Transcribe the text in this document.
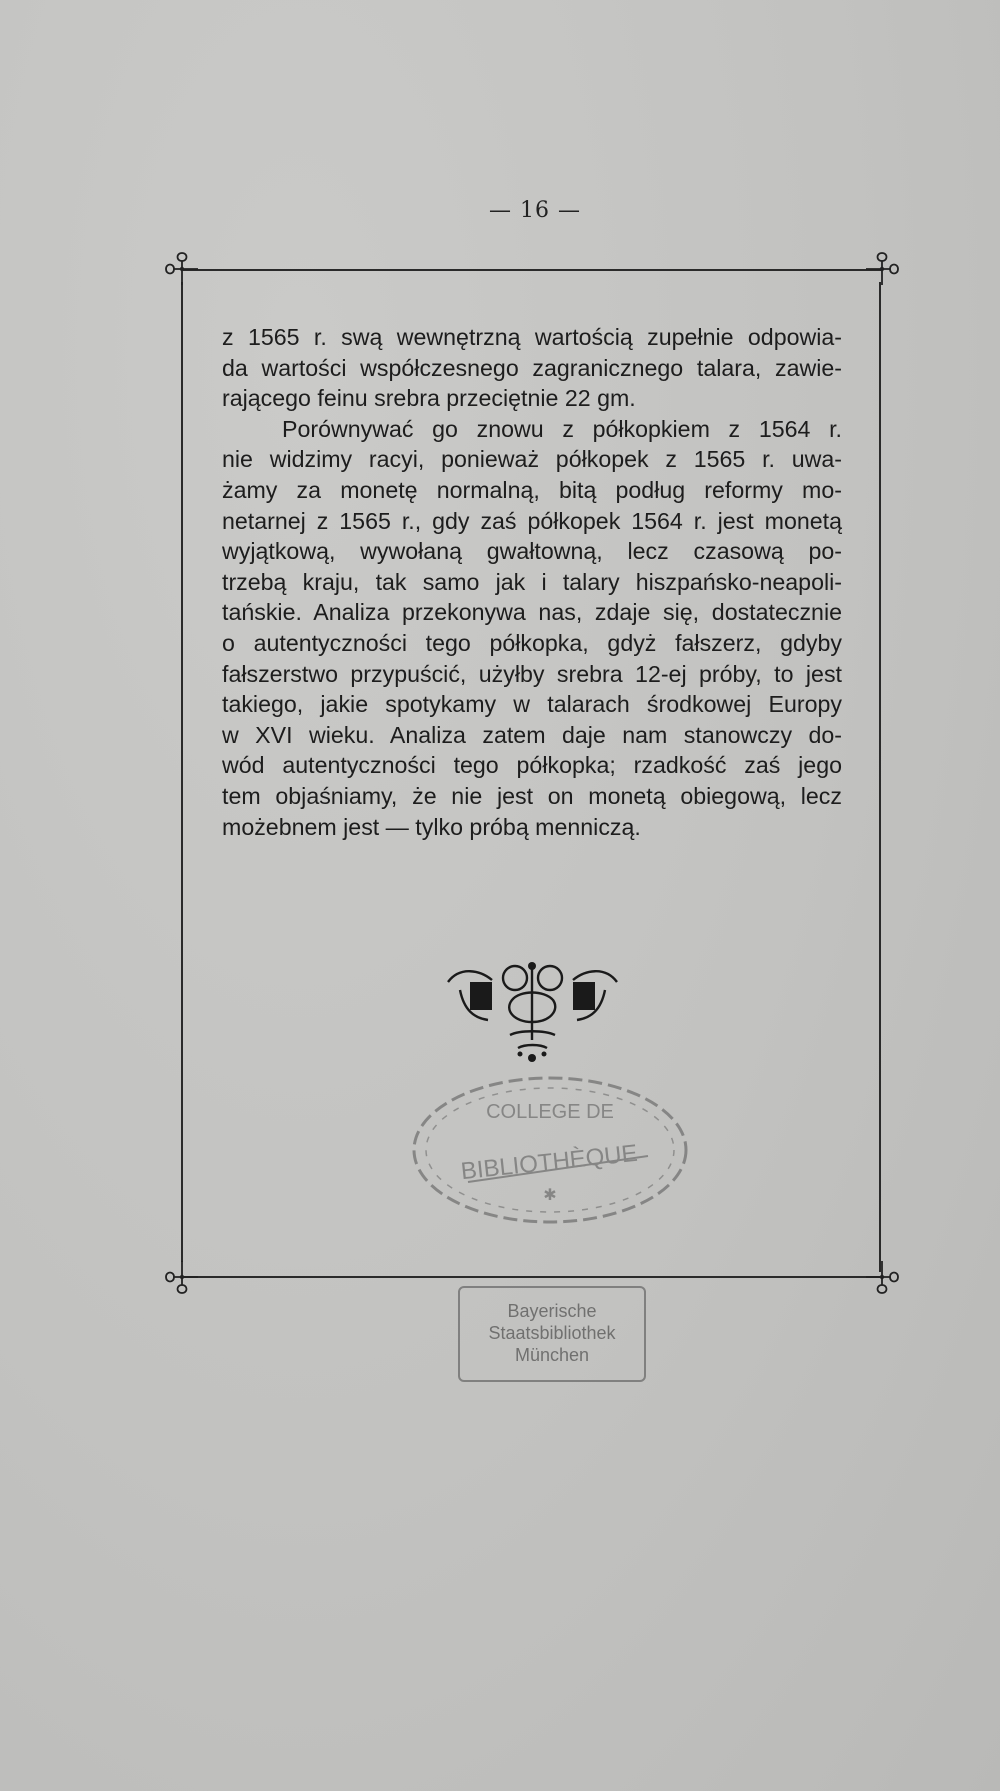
— 16 —
z 1565 r. swą wewnętrzną wartością zupełnie odpowia-
da wartości współczesnego zagranicznego talara, zawie-
rającego feinu srebra przeciętnie 22 gm.
Porównywać go znowu z półkopkiem z 1564 r.
nie widzimy racyi, ponieważ półkopek z 1565 r. uwa-
żamy za monetę normalną, bitą podług reformy mo-
netarnej z 1565 r., gdy zaś półkopek 1564 r. jest monetą
wyjątkową, wywołaną gwałtowną, lecz czasową po-
trzebą kraju, tak samo jak i talary hiszpańsko-neapoli-
tańskie. Analiza przekonywa nas, zdaje się, dostatecznie
o autentyczności tego półkopka, gdyż fałszerz, gdyby
fałszerstwo przypuścić, użyłby srebra 12-ej próby, to jest
takiego, jakie spotykamy w talarach środkowej Europy
w XVI wieku. Analiza zatem daje nam stanowczy do-
wód autentyczności tego półkopka; rzadkość zaś jego
tem objaśniamy, że nie jest on monetą obiegową, lecz
możebnem jest — tylko próbą menniczą.
COLLEGE DE
BIBLIOTHÈQUE
✱
Bayerische
Staatsbibliothek
München
